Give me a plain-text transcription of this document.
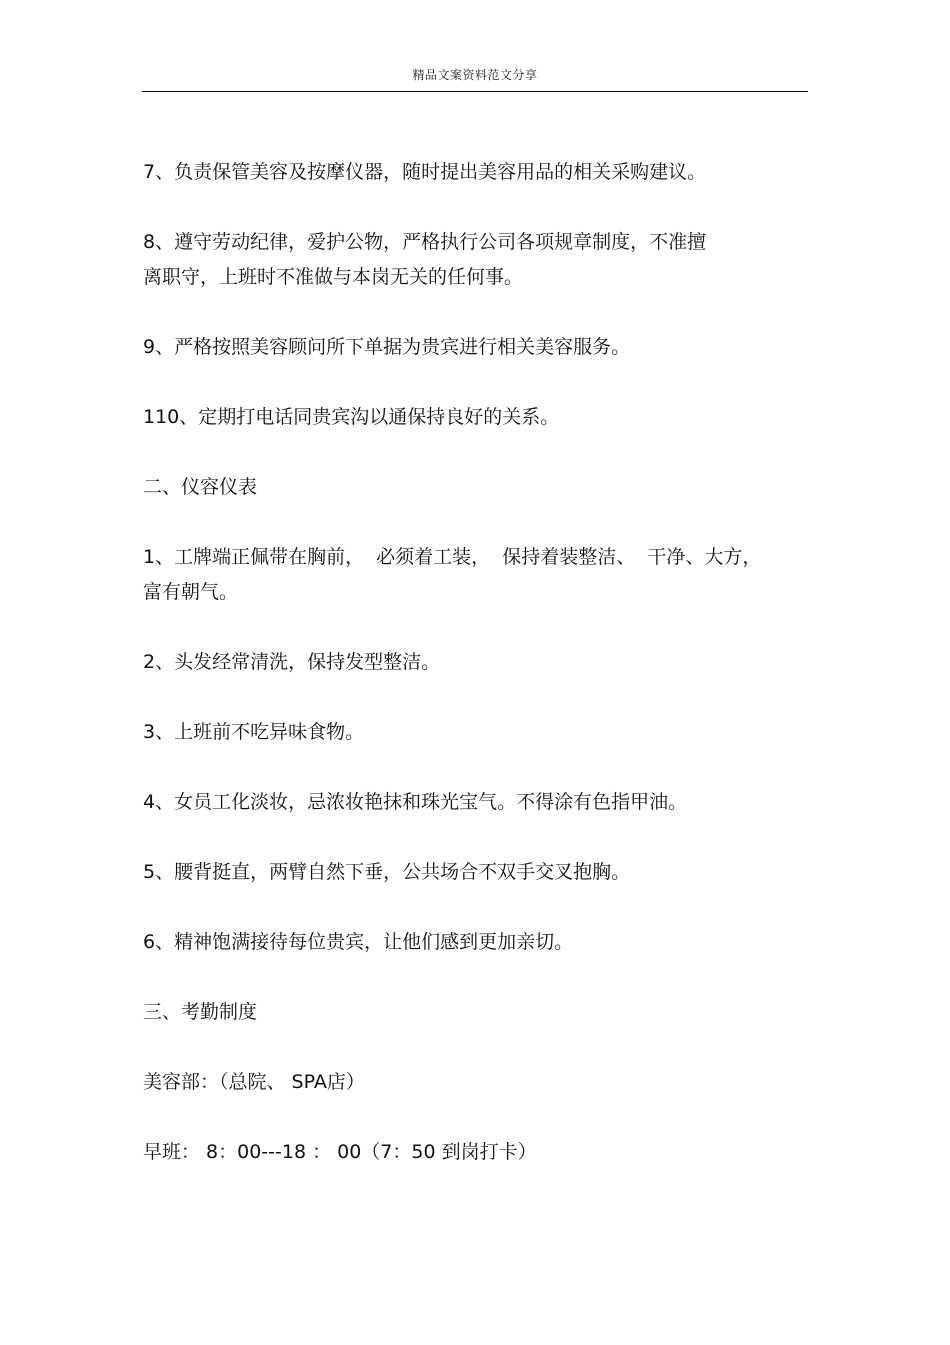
精品文案资料范文分享

7、负责保管美容及按摩仪器，随时提出美容用品的相关采购建议。

8、遵守劳动纪律，爱护公物，严格执行公司各项规章制度，不准擅
离职守，上班时不准做与本岗无关的任何事。

9、严格按照美容顾问所下单据为贵宾进行相关美容服务。

110、定期打电话同贵宾沟以通保持良好的关系。

二、仪容仪表

1、工牌端正佩带在胸前，  必须着工装，  保持着装整洁、  干净、大方，
富有朝气。

2、头发经常清洗，保持发型整洁。

3、上班前不吃异味食物。

4、女员工化淡妆，忌浓妆艳抹和珠光宝气。不得涂有色指甲油。

5、腰背挺直，两臂自然下垂，公共场合不双手交叉抱胸。

6、精神饱满接待每位贵宾，让他们感到更加亲切。

三、考勤制度

美容部：（总院、 SPA店）

早班： 8：00---18 ： 00（7：50 到岗打卡）
